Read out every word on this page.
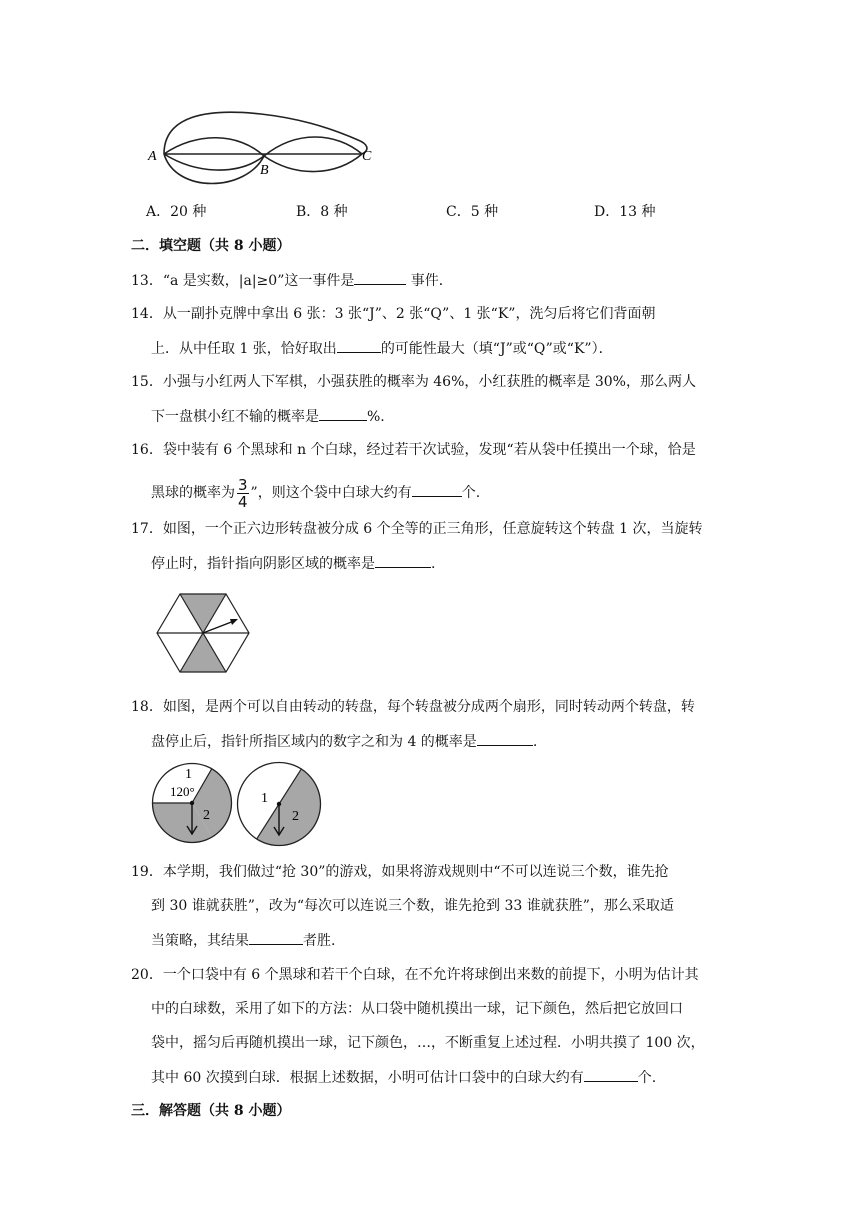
A
B
C
A．20 种	B．8 种	C．5 种	D．13 种
二．填空题（共 8 小题）
13．“a 是实数，|a|≥0”这一事件是	事件．
14．从一副扑克牌中拿出 6 张：3 张“J”、2 张“Q”、1 张“K”，洗匀后将它们背面朝
上．从中任取 1 张，恰好取出	的可能性最大（填“J”或“Q”或“K”）．
15．小强与小红两人下军棋，小强获胜的概率为 46%，小红获胜的概率是 30%，那么两人
下一盘棋小红不输的概率是	%.
16．袋中装有 6 个黑球和 n 个白球，经过若干次试验，发现“若从袋中任摸出一个球，恰是
黑球的概率为 $\frac{3}{4}$ ”，则这个袋中白球大约有	个.
17．如图，一个正六边形转盘被分成 6 个全等的正三角形，任意旋转这个转盘 1 次，当旋转
停止时，指针指向阴影区域的概率是	.
18．如图，是两个可以自由转动的转盘，每个转盘被分成两个扇形，同时转动两个转盘，转
盘停止后，指针所指区域内的数字之和为 4 的概率是	.
1
120°
2
1
2
19．本学期，我们做过“抢 30”的游戏，如果将游戏规则中“不可以连说三个数，谁先抢
到 30 谁就获胜”，改为“每次可以连说三个数，谁先抢到 33 谁就获胜”，那么采取适
当策略，其结果	者胜.
20．一个口袋中有 6 个黑球和若干个白球，在不允许将球倒出来数的前提下，小明为估计其
中的白球数，采用了如下的方法：从口袋中随机摸出一球，记下颜色，然后把它放回口
袋中，摇匀后再随机摸出一球，记下颜色，…，不断重复上述过程．小明共摸了 100 次，
其中 60 次摸到白球．根据上述数据，小明可估计口袋中的白球大约有	个.
三．解答题（共 8 小题）
